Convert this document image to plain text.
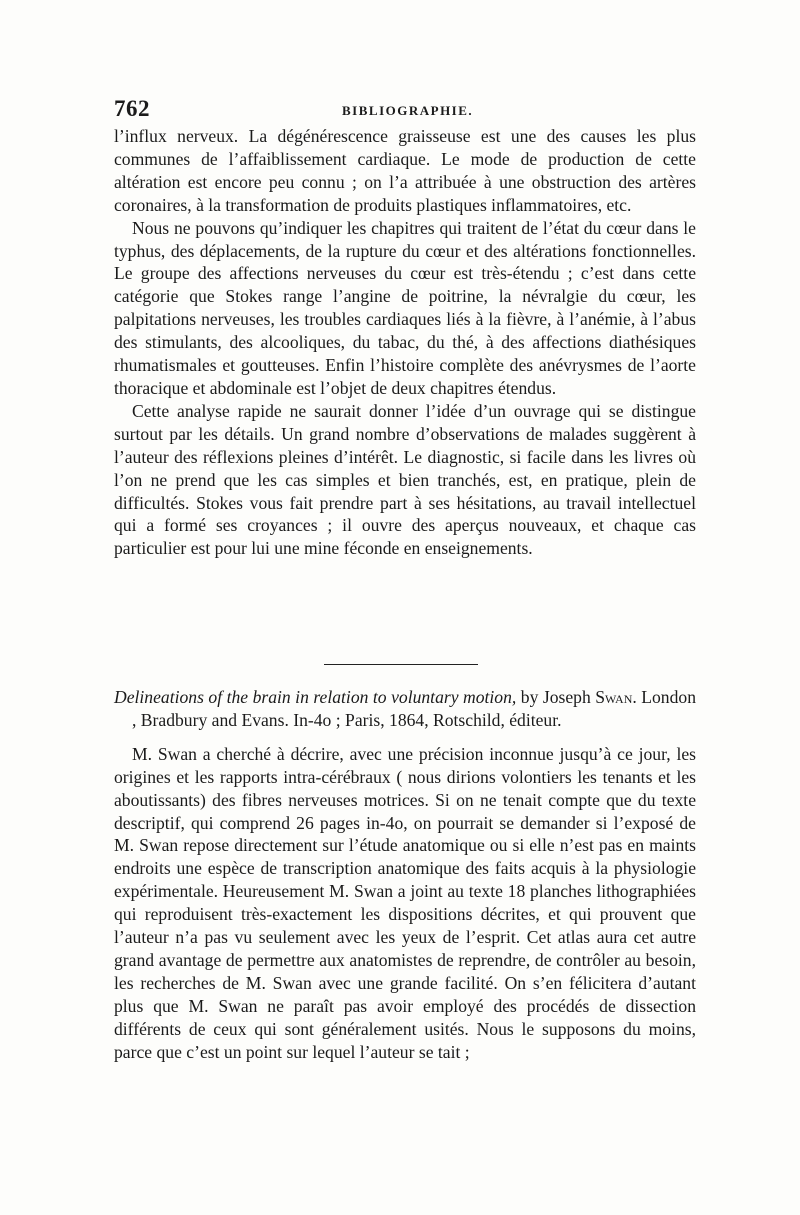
762	BIBLIOGRAPHIE.

l’influx nerveux. La dégénérescence graisseuse est une des causes les plus communes de l’affaiblissement cardiaque. Le mode de production de cette altération est encore peu connu ; on l’a attribuée à une obstruction des artères coronaires, à la transformation de produits plastiques inflammatoires, etc.

Nous ne pouvons qu’indiquer les chapitres qui traitent de l’état du cœur dans le typhus, des déplacements, de la rupture du cœur et des altérations fonctionnelles. Le groupe des affections nerveuses du cœur est très-étendu ; c’est dans cette catégorie que Stokes range l’angine de poitrine, la névralgie du cœur, les palpitations nerveuses, les troubles cardiaques liés à la fièvre, à l’anémie, à l’abus des stimulants, des alcooliques, du tabac, du thé, à des affections diathésiques rhumatismales et goutteuses. Enfin l’histoire complète des anévrysmes de l’aorte thoracique et abdominale est l’objet de deux chapitres étendus.

Cette analyse rapide ne saurait donner l’idée d’un ouvrage qui se distingue surtout par les détails. Un grand nombre d’observations de malades suggèrent à l’auteur des réflexions pleines d’intérêt. Le diagnostic, si facile dans les livres où l’on ne prend que les cas simples et bien tranchés, est, en pratique, plein de difficultés. Stokes vous fait prendre part à ses hésitations, au travail intellectuel qui a formé ses croyances ; il ouvre des aperçus nouveaux, et chaque cas particulier est pour lui une mine féconde en enseignements.

Delineations of the brain in relation to voluntary motion, by Joseph Swan. London , Bradbury and Evans. In-4o ; Paris, 1864, Rotschild, éditeur.

M. Swan a cherché à décrire, avec une précision inconnue jusqu’à ce jour, les origines et les rapports intra-cérébraux ( nous dirions volontiers les tenants et les aboutissants) des fibres nerveuses motrices. Si on ne tenait compte que du texte descriptif, qui comprend 26 pages in-4o, on pourrait se demander si l’exposé de M. Swan repose directement sur l’étude anatomique ou si elle n’est pas en maints endroits une espèce de transcription anatomique des faits acquis à la physiologie expérimentale. Heureusement M. Swan a joint au texte 18 planches lithographiées qui reproduisent très-exactement les dispositions décrites, et qui prouvent que l’auteur n’a pas vu seulement avec les yeux de l’esprit. Cet atlas aura cet autre grand avantage de permettre aux anatomistes de reprendre, de contrôler au besoin, les recherches de M. Swan avec une grande facilité. On s’en félicitera d’autant plus que M. Swan ne paraît pas avoir employé des procédés de dissection différents de ceux qui sont généralement usités. Nous le supposons du moins, parce que c’est un point sur lequel l’auteur se tait ;
